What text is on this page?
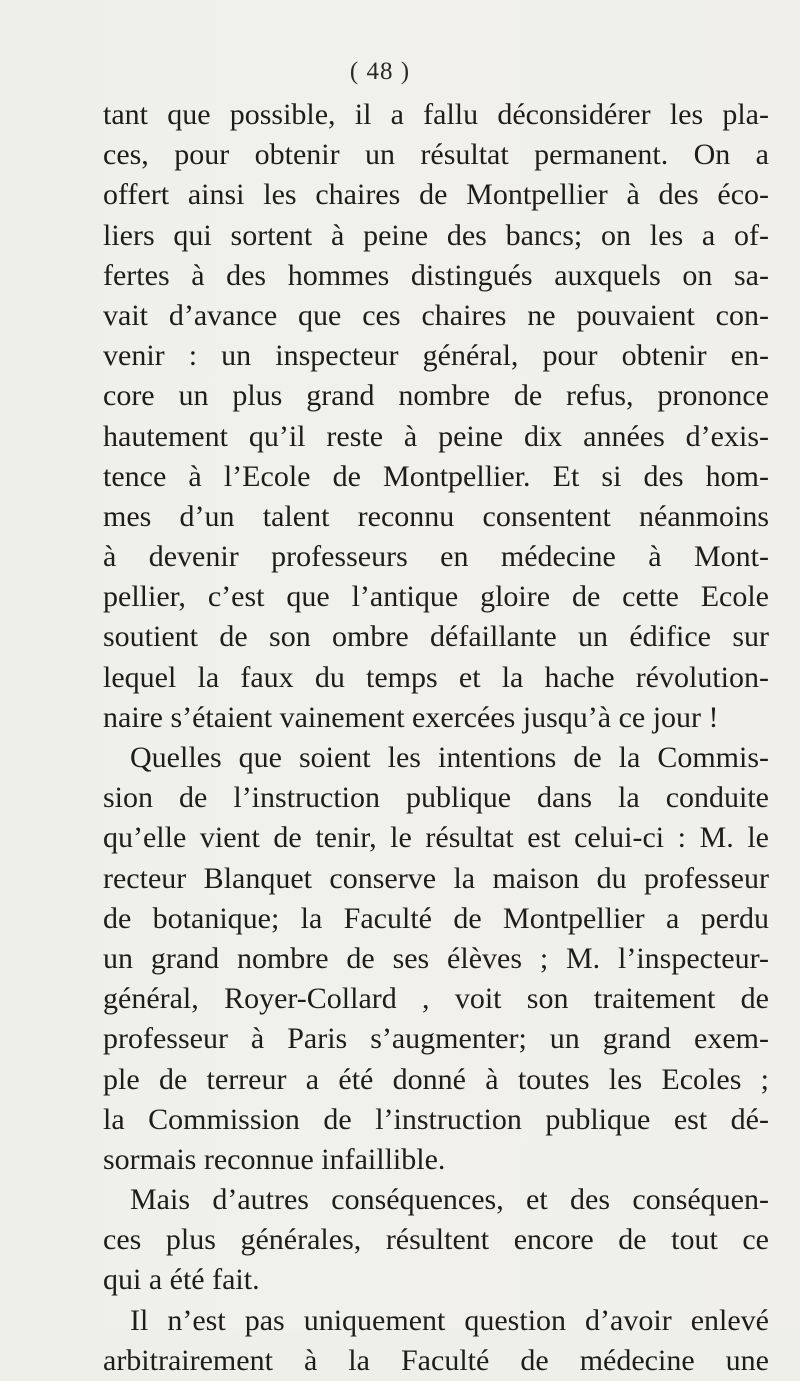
( 48 )
tant que possible, il a fallu déconsidérer les pla-
ces, pour obtenir un résultat permanent. On a
offert ainsi les chaires de Montpellier à des éco-
liers qui sortent à peine des bancs; on les a of-
fertes à des hommes distingués auxquels on sa-
vait d’avance que ces chaires ne pouvaient con-
venir : un inspecteur général, pour obtenir en-
core un plus grand nombre de refus, prononce
hautement qu’il reste à peine dix années d’exis-
tence à l’Ecole de Montpellier. Et si des hom-
mes d’un talent reconnu consentent néanmoins
à devenir professeurs en médecine à Mont-
pellier, c’est que l’antique gloire de cette Ecole
soutient de son ombre défaillante un édifice sur
lequel la faux du temps et la hache révolution-
naire s’étaient vainement exercées jusqu’à ce jour !
Quelles que soient les intentions de la Commis-
sion de l’instruction publique dans la conduite
qu’elle vient de tenir, le résultat est celui-ci : M. le
recteur Blanquet conserve la maison du professeur
de botanique; la Faculté de Montpellier a perdu
un grand nombre de ses élèves ; M. l’inspecteur-
général, Royer-Collard , voit son traitement de
professeur à Paris s’augmenter; un grand exem-
ple de terreur a été donné à toutes les Ecoles ;
la Commission de l’instruction publique est dé-
sormais reconnue infaillible.
Mais d’autres conséquences, et des conséquen-
ces plus générales, résultent encore de tout ce
qui a été fait.
Il n’est pas uniquement question d’avoir enlevé
arbitrairement à la Faculté de médecine une
